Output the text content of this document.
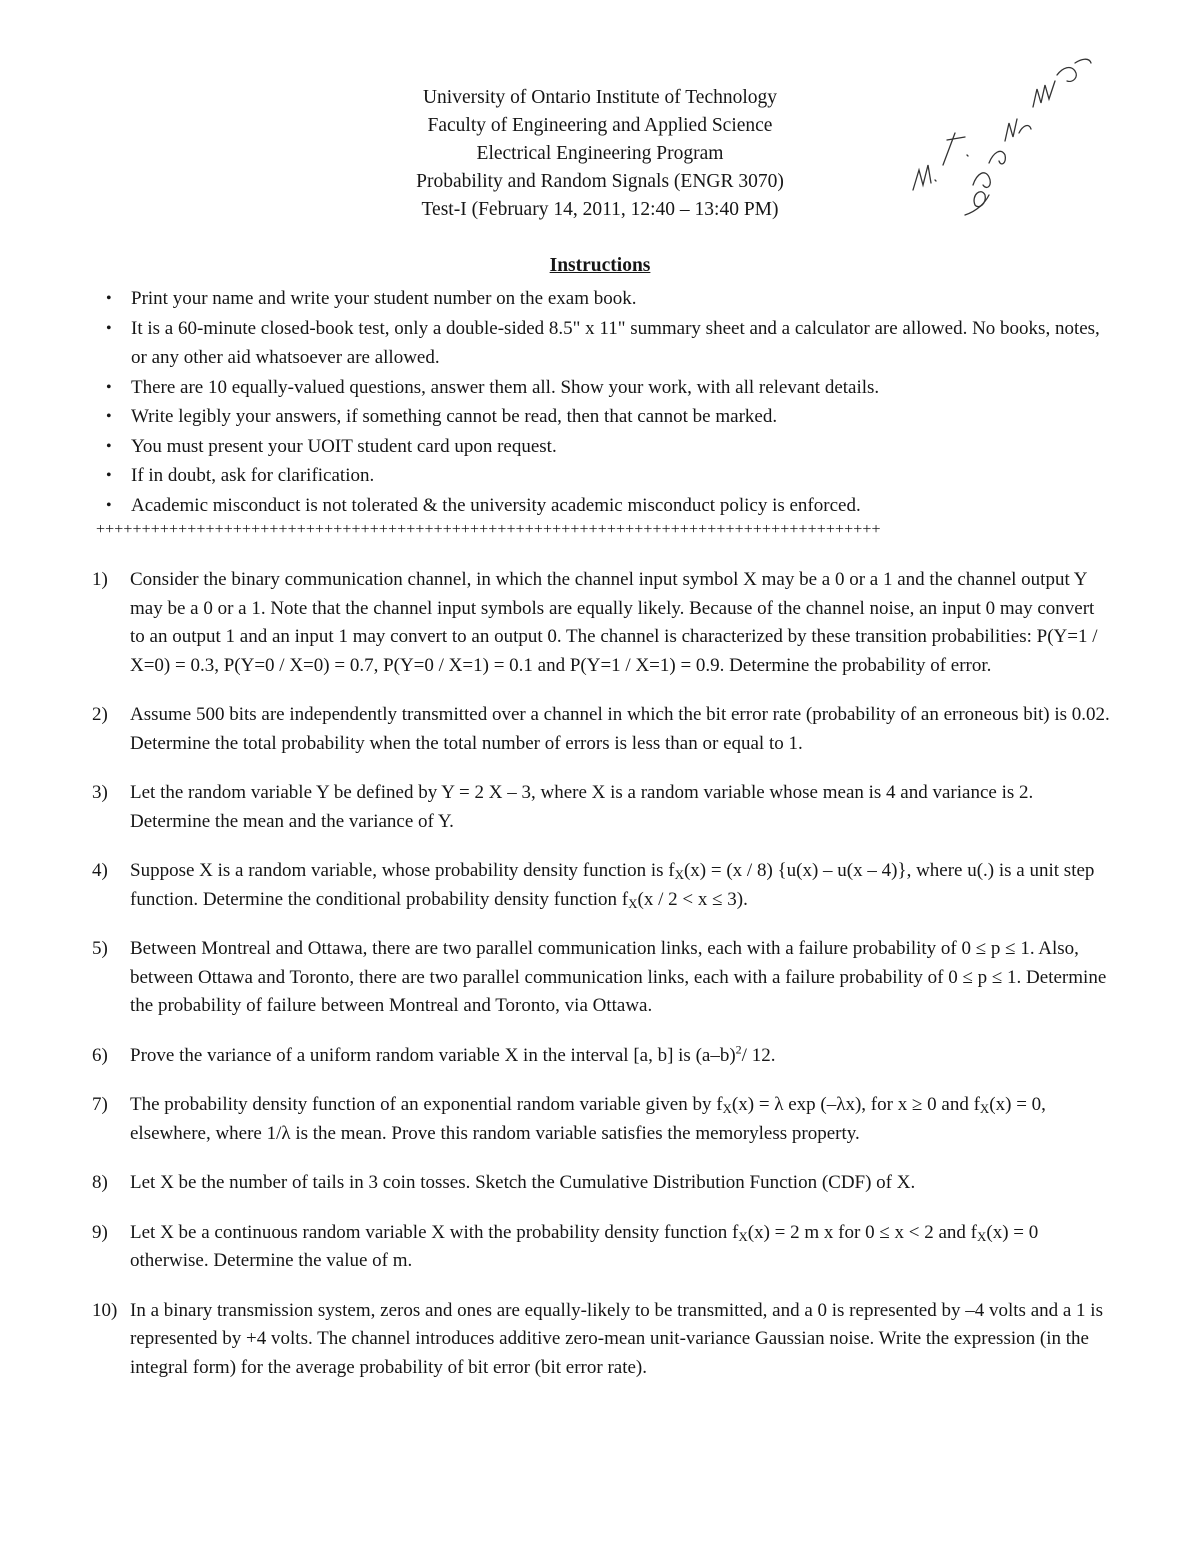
University of Ontario Institute of Technology
Faculty of Engineering and Applied Science
Electrical Engineering Program
Probability and Random Signals (ENGR 3070)
Test-I (February 14, 2011, 12:40 – 13:40 PM)
Instructions
• Print your name and write your student number on the exam book.
• It is a 60-minute closed-book test, only a double-sided 8.5" x 11" summary sheet and a calculator are allowed. No books, notes, or any other aid whatsoever are allowed.
• There are 10 equally-valued questions, answer them all. Show your work, with all relevant details.
• Write legibly your answers, if something cannot be read, then that cannot be marked.
• You must present your UOIT student card upon request.
• If in doubt, ask for clarification.
• Academic misconduct is not tolerated & the university academic misconduct policy is enforced.
++++++++++++++++++++++++++++++++++++++++++++++++++++++++++++++++++++++++++++++++++++++
1) Consider the binary communication channel, in which the channel input symbol X may be a 0 or a 1 and the channel output Y may be a 0 or a 1. Note that the channel input symbols are equally likely. Because of the channel noise, an input 0 may convert to an output 1 and an input 1 may convert to an output 0. The channel is characterized by these transition probabilities: P(Y=1 / X=0) = 0.3, P(Y=0 / X=0) = 0.7, P(Y=0 / X=1) = 0.1 and P(Y=1 / X=1) = 0.9. Determine the probability of error.
2) Assume 500 bits are independently transmitted over a channel in which the bit error rate (probability of an erroneous bit) is 0.02. Determine the total probability when the total number of errors is less than or equal to 1.
3) Let the random variable Y be defined by Y = 2 X – 3, where X is a random variable whose mean is 4 and variance is 2. Determine the mean and the variance of Y.
4) Suppose X is a random variable, whose probability density function is $f_X(x) = (x / 8)$ {u(x) – u(x – 4)}, where u(.) is a unit step function. Determine the conditional probability density function $f_X(x / 2 < x \le 3)$.
5) Between Montreal and Ottawa, there are two parallel communication links, each with a failure probability of 0 ≤ p ≤ 1. Also, between Ottawa and Toronto, there are two parallel communication links, each with a failure probability of 0 ≤ p ≤ 1. Determine the probability of failure between Montreal and Toronto, via Ottawa.
6) Prove the variance of a uniform random variable X in the interval [a, b] is $(a-b)^2/$ 12.
7) The probability density function of an exponential random variable given by $f_X(x) = \lambda$ exp (–λx), for x ≥ 0 and $f_X(x) = 0$, elsewhere, where 1/λ is the mean. Prove this random variable satisfies the memoryless property.
8) Let X be the number of tails in 3 coin tosses. Sketch the Cumulative Distribution Function (CDF) of X.
9) Let X be a continuous random variable X with the probability density function $f_X(x) = 2$ m x for 0 ≤ x < 2 and $f_X(x) = 0$ otherwise. Determine the value of m.
10) In a binary transmission system, zeros and ones are equally-likely to be transmitted, and a 0 is represented by –4 volts and a 1 is represented by +4 volts. The channel introduces additive zero-mean unit-variance Gaussian noise. Write the expression (in the integral form) for the average probability of bit error (bit error rate).
